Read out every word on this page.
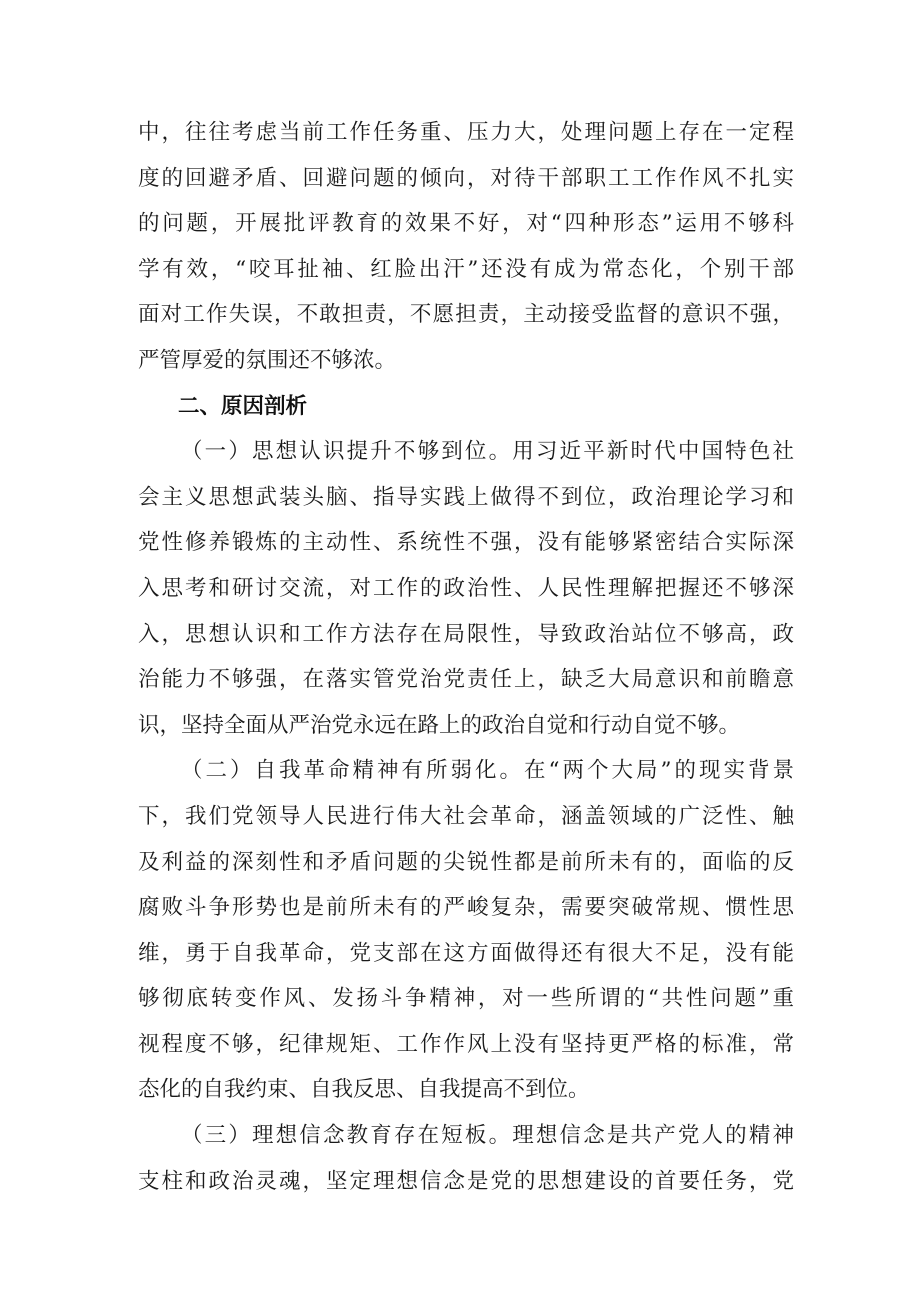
中，往往考虑当前工作任务重、压力大，处理问题上存在一定程
度的回避矛盾、回避问题的倾向，对待干部职工工作作风不扎实
的问题，开展批评教育的效果不好，对“四种形态”运用不够科
学有效，“咬耳扯袖、红脸出汗”还没有成为常态化，个别干部
面对工作失误，不敢担责，不愿担责，主动接受监督的意识不强，
严管厚爱的氛围还不够浓。
二、原因剖析
（一）思想认识提升不够到位。用习近平新时代中国特色社
会主义思想武装头脑、指导实践上做得不到位，政治理论学习和
党性修养锻炼的主动性、系统性不强，没有能够紧密结合实际深
入思考和研讨交流，对工作的政治性、人民性理解把握还不够深
入，思想认识和工作方法存在局限性，导致政治站位不够高，政
治能力不够强，在落实管党治党责任上，缺乏大局意识和前瞻意
识，坚持全面从严治党永远在路上的政治自觉和行动自觉不够。
（二）自我革命精神有所弱化。在“两个大局”的现实背景
下，我们党领导人民进行伟大社会革命，涵盖领域的广泛性、触
及利益的深刻性和矛盾问题的尖锐性都是前所未有的，面临的反
腐败斗争形势也是前所未有的严峻复杂，需要突破常规、惯性思
维，勇于自我革命，党支部在这方面做得还有很大不足，没有能
够彻底转变作风、发扬斗争精神，对一些所谓的“共性问题”重
视程度不够，纪律规矩、工作作风上没有坚持更严格的标准，常
态化的自我约束、自我反思、自我提高不到位。
（三）理想信念教育存在短板。理想信念是共产党人的精神
支柱和政治灵魂，坚定理想信念是党的思想建设的首要任务，党
